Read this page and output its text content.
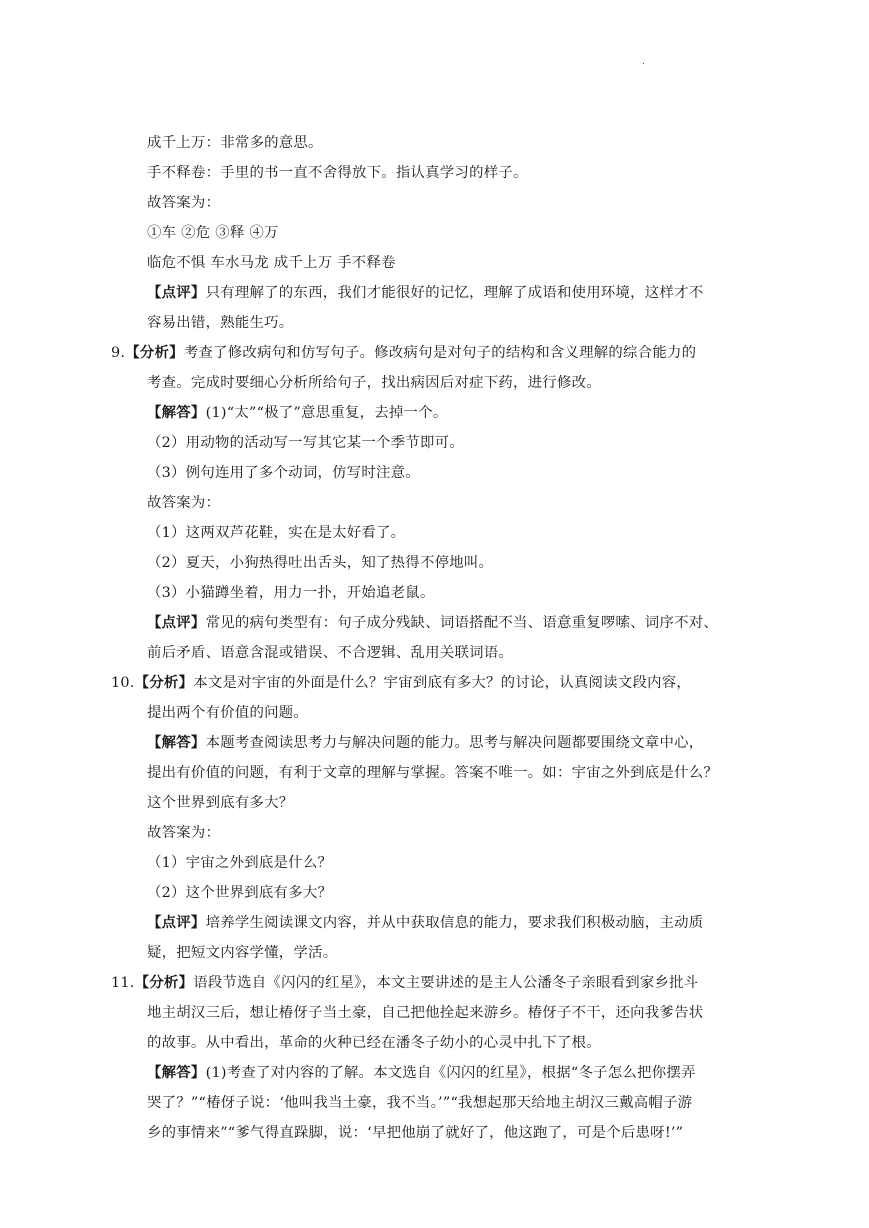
.
成千上万：非常多的意思。
手不释卷：手里的书一直不舍得放下。指认真学习的样子。
故答案为：
①车 ②危 ③释 ④万
临危不惧 车水马龙 成千上万 手不释卷
【点评】只有理解了的东西，我们才能很好的记忆，理解了成语和使用环境，这样才不
容易出错，熟能生巧。
9.【分析】考查了修改病句和仿写句子。修改病句是对句子的结构和含义理解的综合能力的
考查。完成时要细心分析所给句子，找出病因后对症下药，进行修改。
【解答】(1)“太”“极了”意思重复，去掉一个。
（2）用动物的活动写一写其它某一个季节即可。
（3）例句连用了多个动词，仿写时注意。
故答案为：
（1）这两双芦花鞋，实在是太好看了。
（2）夏天，小狗热得吐出舌头，知了热得不停地叫。
（3）小猫蹲坐着，用力一扑，开始追老鼠。
【点评】常见的病句类型有：句子成分残缺、词语搭配不当、语意重复啰嗦、词序不对、
前后矛盾、语意含混或错误、不合逻辑、乱用关联词语。
10.【分析】本文是对宇宙的外面是什么？宇宙到底有多大？的讨论，认真阅读文段内容，
提出两个有价值的问题。
【解答】本题考查阅读思考力与解决问题的能力。思考与解决问题都要围绕文章中心，
提出有价值的问题，有利于文章的理解与掌握。答案不唯一。如：宇宙之外到底是什么？
这个世界到底有多大？
故答案为：
（1）宇宙之外到底是什么？
（2）这个世界到底有多大？
【点评】培养学生阅读课文内容，并从中获取信息的能力，要求我们积极动脑，主动质
疑，把短文内容学懂，学活。
11.【分析】语段节选自《闪闪的红星》，本文主要讲述的是主人公潘冬子亲眼看到家乡批斗
地主胡汉三后，想让椿伢子当土豪，自己把他拴起来游乡。椿伢子不干，还向我爹告状
的故事。从中看出，革命的火种已经在潘冬子幼小的心灵中扎下了根。
【解答】(1)考查了对内容的了解。本文选自《闪闪的红星》，根据“冬子怎么把你摆弄
哭了？”“椿伢子说：‘他叫我当土豪，我不当。’”“我想起那天给地主胡汉三戴高帽子游
乡的事情来”“爹气得直跺脚，说：‘早把他崩了就好了，他这跑了，可是个后患呀!’”
